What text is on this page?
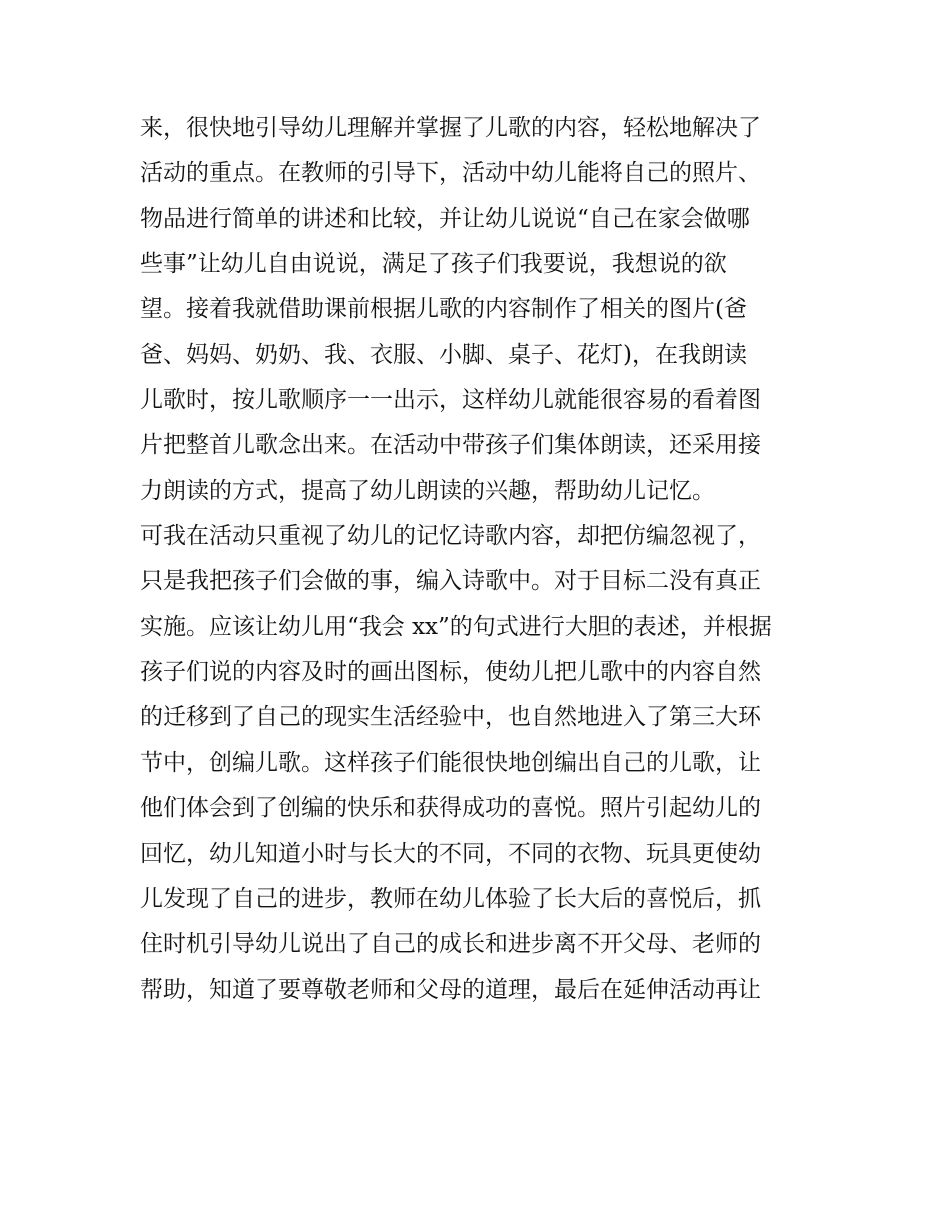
来，很快地引导幼儿理解并掌握了儿歌的内容，轻松地解决了
活动的重点。在教师的引导下，活动中幼儿能将自己的照片、
物品进行简单的讲述和比较，并让幼儿说说“自己在家会做哪
些事”让幼儿自由说说，满足了孩子们我要说，我想说的欲
望。接着我就借助课前根据儿歌的内容制作了相关的图片(爸
爸、妈妈、奶奶、我、衣服、小脚、桌子、花灯)，在我朗读
儿歌时，按儿歌顺序一一出示，这样幼儿就能很容易的看着图
片把整首儿歌念出来。在活动中带孩子们集体朗读，还采用接
力朗读的方式，提高了幼儿朗读的兴趣，帮助幼儿记忆。
可我在活动只重视了幼儿的记忆诗歌内容，却把仿编忽视了，
只是我把孩子们会做的事，编入诗歌中。对于目标二没有真正
实施。应该让幼儿用“我会 xx”的句式进行大胆的表述，并根据
孩子们说的内容及时的画出图标，使幼儿把儿歌中的内容自然
的迁移到了自己的现实生活经验中，也自然地进入了第三大环
节中，创编儿歌。这样孩子们能很快地创编出自己的儿歌，让
他们体会到了创编的快乐和获得成功的喜悦。照片引起幼儿的
回忆，幼儿知道小时与长大的不同，不同的衣物、玩具更使幼
儿发现了自己的进步，教师在幼儿体验了长大后的喜悦后，抓
住时机引导幼儿说出了自己的成长和进步离不开父母、老师的
帮助，知道了要尊敬老师和父母的道理，最后在延伸活动再让
